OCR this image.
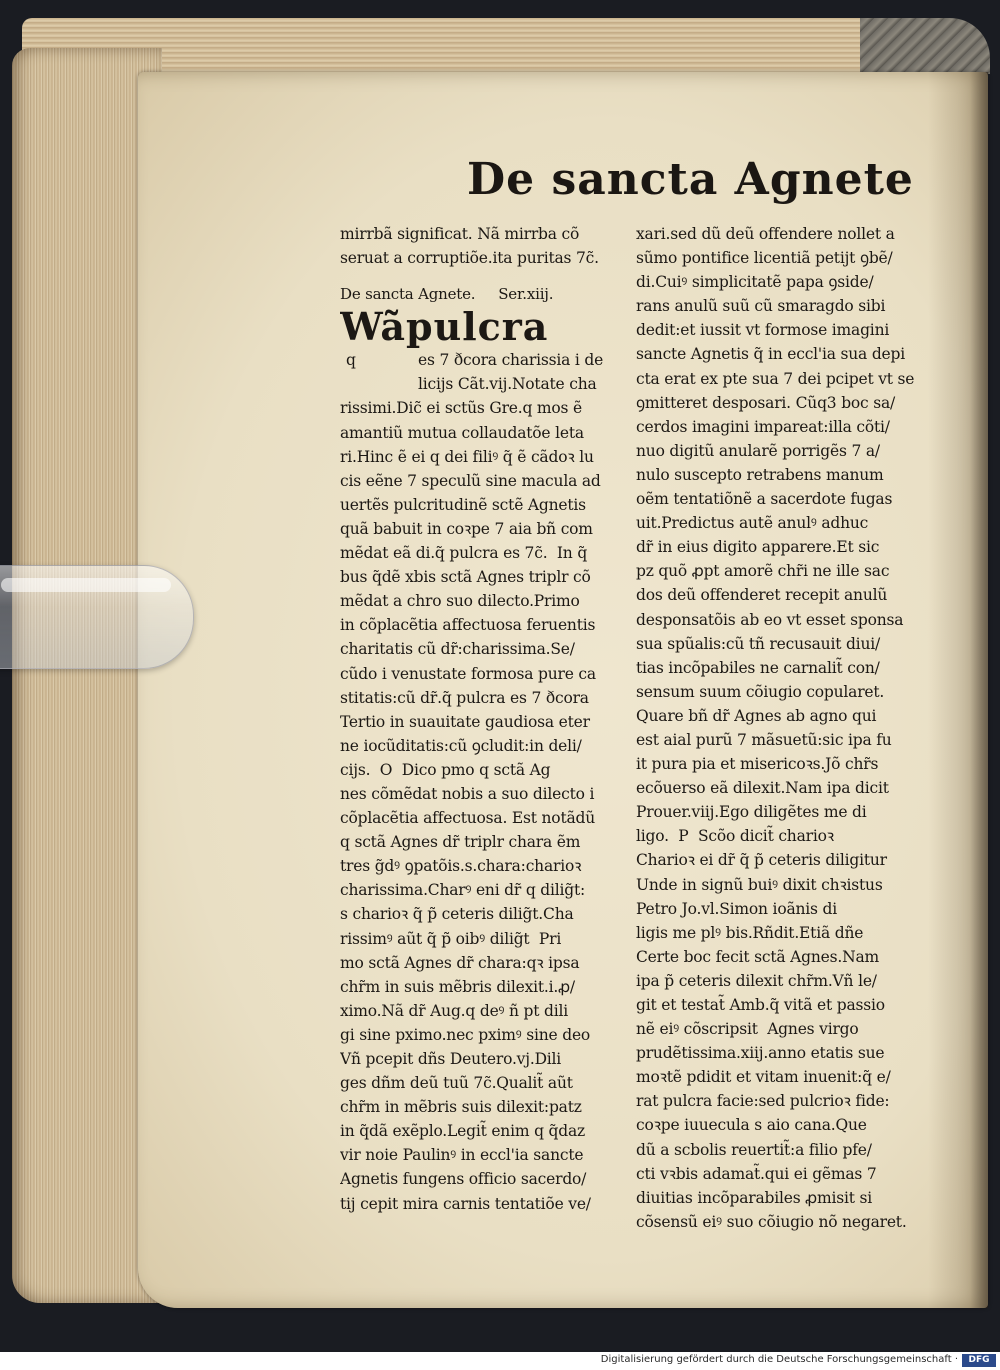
De sancta Agnete
mirrbã significat. Nã mirrba cõ
seruat a corruptiõe.ita puritas 7c̃.
De sancta Agnete.     Ser.xiij.
Wãpulcra
q	es 7 ðcora charissia i de
licijs Cãt.vij.Notate cha
rissimi.Dic̃ ei sctũs Gre.q mos ẽ
amantiũ mutua collaudatõe leta
ri.Hinc ẽ ei q dei filiꝰ q̃ ẽ cãdoꝛ lu
cis eẽne 7 speculũ sine macula ad
uertẽs pulcritudinẽ sctẽ Agnetis
quã babuit in coꝛpe 7 aia bñ com
mẽdat eã di.q̃ pulcra es 7c̃.  In q̃
bus q̃dẽ xbis sctã Agnes triplr cõ
mẽdat a chro suo dilecto.Primo
in cõplacẽtia affectuosa feruentis
charitatis cũ dr̃:charissima.Se/
cũdo i venustate formosa pure ca
stitatis:cũ dr̃.q̃ pulcra es 7 ðcora
Tertio in suauitate gaudiosa eter
ne iocũditatis:cũ ꝯcludit:in deli/
cijs.  O  Dico pmo q sctã Ag
nes cõmẽdat nobis a suo dilecto i
cõplacẽtia affectuosa. Est notãdũ
q sctã Agnes dr̃ triplr chara ẽm
tres g̃dꝰ ꝯpatõis.s.chara:charioꝛ
charissima.Charꝰ eni dr̃ q dilig̃t:
s charioꝛ q̃ p̃ ceteris dilig̃t.Cha
rissimꝰ aũt q̃ p̃ oibꝰ dilig̃t  Pri
mo sctã Agnes dr̃ chara:qꝛ ipsa
chr̃m in suis mẽbris dilexit.i.ꝓ/
ximo.Nã dr̃ Aug.q deꝰ ñ pt dili
gi sine pximo.nec pximꝰ sine deo
Vñ pcepit dñs Deutero.vj.Dili
ges dñm deũ tuũ 7c̃.Qualit̃ aũt
chr̃m in mẽbris suis dilexit:patz
in q̃dã exẽplo.Legit̃ enim q q̃daz
vir noie Paulinꝰ in eccl'ia sancte
Agnetis fungens officio sacerdo/
tij cepit mira carnis tentatiõe ve/
xari.sed dũ deũ offendere nollet a
sũmo pontifice licentiã petijt ꝯbẽ/
di.Cuiꝰ simplicitatẽ papa ꝯside/
rans anulũ suũ cũ smaragdo sibi
dedit:et iussit vt formose imagini
sancte Agnetis q̃ in eccl'ia sua depi
cta erat ex pte sua 7 dei pcipet vt se
ꝯmitteret desposari. Cũq3 boc sa/
cerdos imagini impareat:illa cõti/
nuo digitũ anularẽ porrigẽs 7 a/
nulo suscepto retrabens manum
oẽm tentatiõnẽ a sacerdote fugas
uit.Predictus autẽ anulꝰ adhuc
dr̃ in eius digito apparere.Et sic
pz quõ ꝓpt amorẽ chr̃i ne ille sac
dos deũ offenderet recepit anulũ
desponsatõis ab eo vt esset sponsa
sua spũalis:cũ tñ recusauit diui/
tias incõpabiles ne carnalit̃ con/
sensum suum cõiugio copularet.
Quare bñ dr̃ Agnes ab agno qui
est aial purũ 7 mãsuetũ:sic ipa fu
it pura pia et misericoꝛs.Jõ chr̃s
ecõuerso eã dilexit.Nam ipa dicit
Prouer.viij.Ego diligẽtes me di
ligo.  P  Scõo dicit̃ charioꝛ
Charioꝛ ei dr̃ q̃ p̃ ceteris diligitur
Unde in signũ buiꝰ dixit chꝛistus
Petro Jo.vl.Simon ioãnis di
ligis me plꝰ bis.Rñdit.Etiã dñe
Certe boc fecit sctã Agnes.Nam
ipa p̃ ceteris dilexit chr̃m.Vñ le/
git et testat̃ Amb.q̃ vitã et passio
nẽ eiꝰ cõscripsit  Agnes virgo
prudẽtissima.xiij.anno etatis sue
moꝛtẽ pdidit et vitam inuenit:q̃ e/
rat pulcra facie:sed pulcrioꝛ fide:
coꝛpe iuuecula s aio cana.Que
dũ a scbolis reuertit̃:a filio pfe/
cti vꝛbis adamat̃.qui ei gẽmas 7
diuitias incõparabiles ꝓmisit si
cõsensũ eiꝰ suo cõiugio nõ negaret.
Digitalisierung gefördert durch die Deutsche Forschungsgemeinschaft ·	DFG
